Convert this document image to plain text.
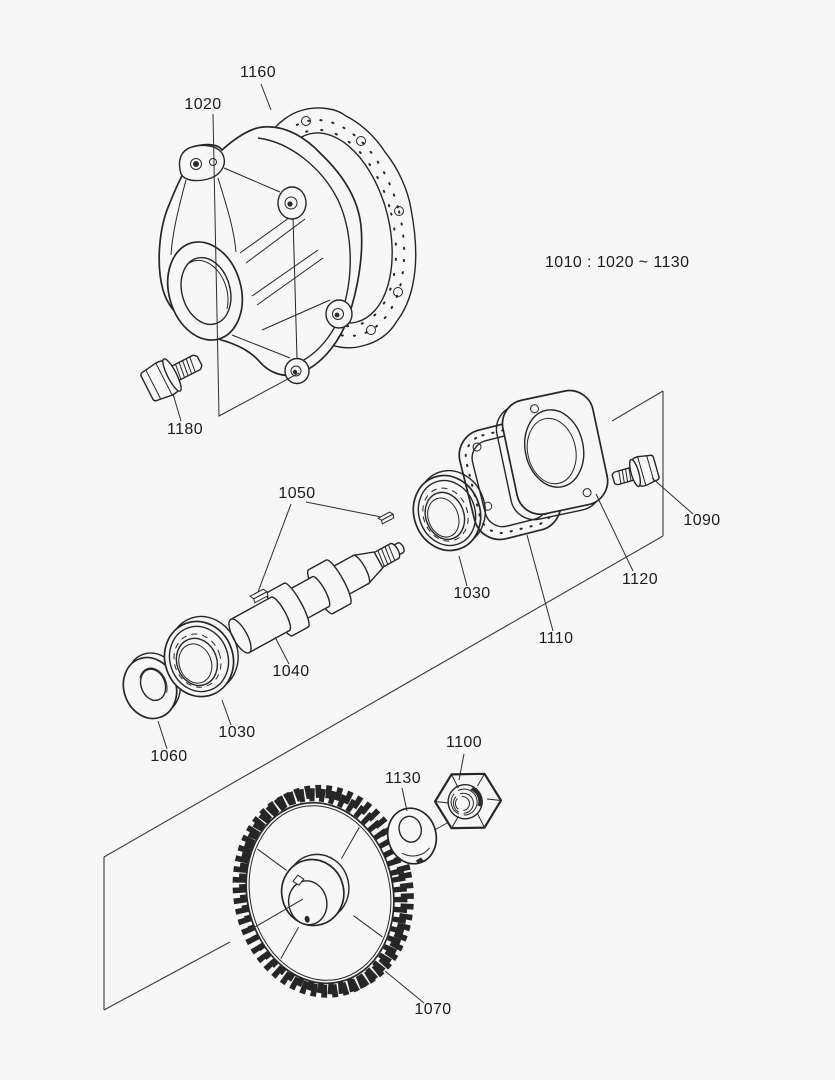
1160
1020
1180
1050
1030
1040
1030
1060
1090
1120
1110
1100
1130
1070
1010 : 1020 ~ 1130
